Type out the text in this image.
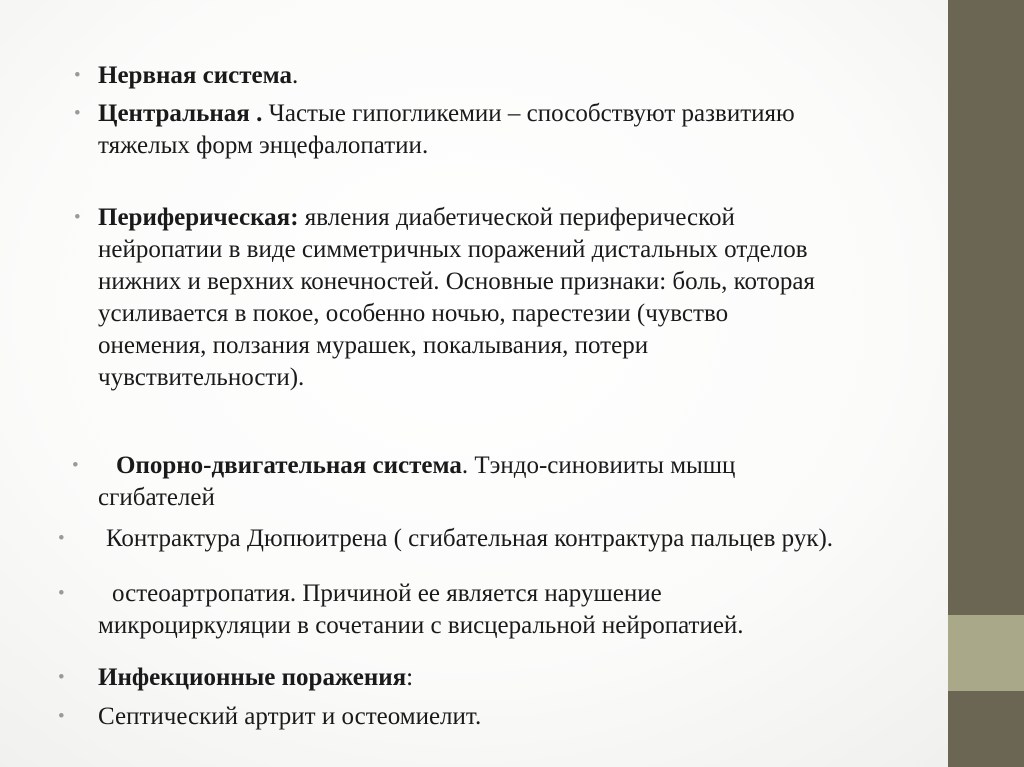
• Нервная система.
• Центральная . Частые гипогликемии – способствуют развитияю
тяжелых форм энцефалопатии.
• Периферическая: явления диабетической периферической
нейропатии в виде симметричных поражений дистальных отделов
нижних и верхних конечностей. Основные признаки: боль, которая
усиливается в покое, особенно ночью, парестезии (чувство
онемения, ползания мурашек, покалывания, потери
чувствительности).
• Опорно-двигательная система. Тэндо-синовииты мышц
сгибателей
• Контрактура Дюпюитрена ( сгибательная контрактура пальцев рук).
• остеоартропатия. Причиной ее является нарушение
микроциркуляции в сочетании с висцеральной нейропатией.
• Инфекционные поражения:
• Септический артрит и остеомиелит.
